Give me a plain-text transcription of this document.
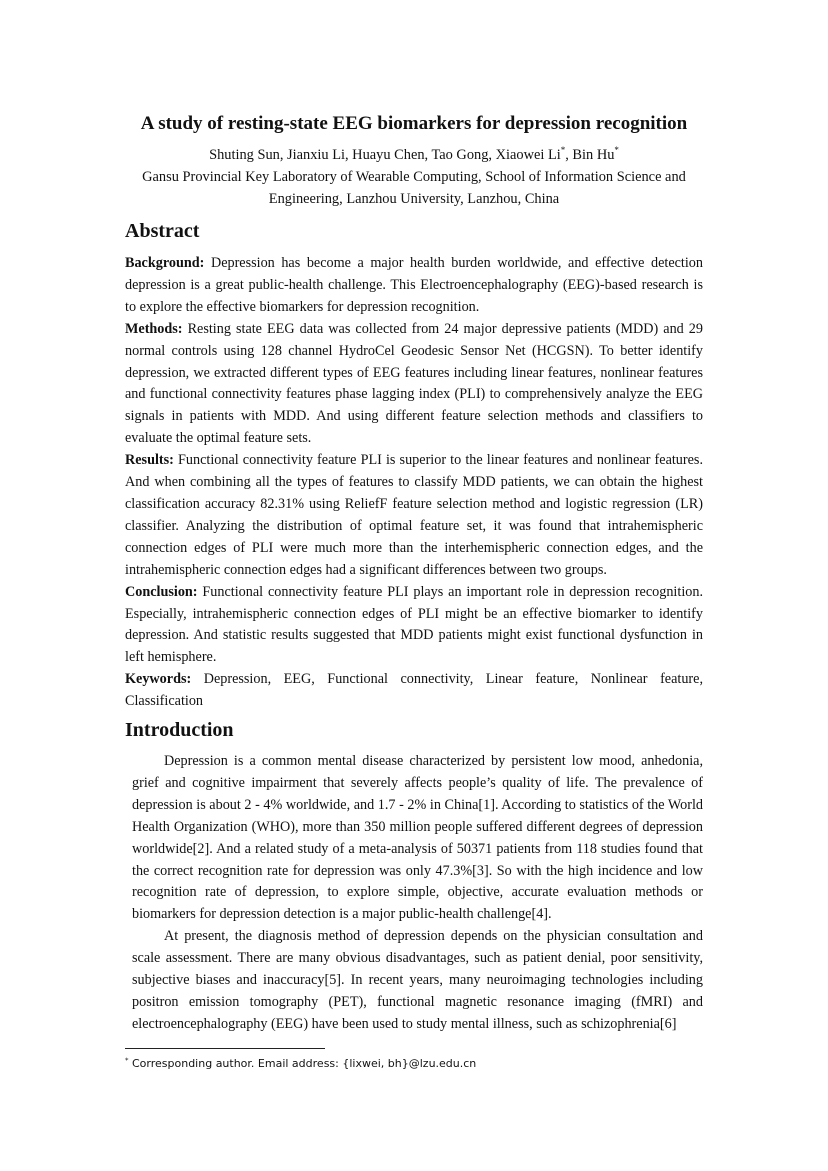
A study of resting-state EEG biomarkers for depression recognition
Shuting Sun, Jianxiu Li, Huayu Chen, Tao Gong, Xiaowei Li*, Bin Hu*
Gansu Provincial Key Laboratory of Wearable Computing, School of Information Science and Engineering, Lanzhou University, Lanzhou, China
Abstract

Background: Depression has become a major health burden worldwide, and effective detection depression is a great public-health challenge. This Electroencephalography (EEG)-based research is to explore the effective biomarkers for depression recognition.

Methods: Resting state EEG data was collected from 24 major depressive patients (MDD) and 29 normal controls using 128 channel HydroCel Geodesic Sensor Net (HCGSN). To better identify depression, we extracted different types of EEG features including linear features, nonlinear features and functional connectivity features phase lagging index (PLI) to comprehensively analyze the EEG signals in patients with MDD. And using different feature selection methods and classifiers to evaluate the optimal feature sets.

Results: Functional connectivity feature PLI is superior to the linear features and nonlinear features. And when combining all the types of features to classify MDD patients, we can obtain the highest classification accuracy 82.31% using ReliefF feature selection method and logistic regression (LR) classifier. Analyzing the distribution of optimal feature set, it was found that intrahemispheric connection edges of PLI were much more than the interhemispheric connection edges, and the intrahemispheric connection edges had a significant differences between two groups.

Conclusion: Functional connectivity feature PLI plays an important role in depression recognition. Especially, intrahemispheric connection edges of PLI might be an effective biomarker to identify depression. And statistic results suggested that MDD patients might exist functional dysfunction in left hemisphere.

Keywords: Depression, EEG, Functional connectivity, Linear feature, Nonlinear feature, Classification

Introduction

Depression is a common mental disease characterized by persistent low mood, anhedonia, grief and cognitive impairment that severely affects people’s quality of life. The prevalence of depression is about 2 - 4% worldwide, and 1.7 - 2% in China[1]. According to statistics of the World Health Organization (WHO), more than 350 million people suffered different degrees of depression worldwide[2]. And a related study of a meta-analysis of 50371 patients from 118 studies found that the correct recognition rate for depression was only 47.3%[3]. So with the high incidence and low recognition rate of depression, to explore simple, objective, accurate evaluation methods or biomarkers for depression detection is a major public-health challenge[4].

At present, the diagnosis method of depression depends on the physician consultation and scale assessment. There are many obvious disadvantages, such as patient denial, poor sensitivity, subjective biases and inaccuracy[5]. In recent years, many neuroimaging technologies including positron emission tomography (PET), functional magnetic resonance imaging (fMRI) and electroencephalography (EEG) have been used to study mental illness, such as schizophrenia[6]

* Corresponding author. Email address: {lixwei, bh}@lzu.edu.cn
